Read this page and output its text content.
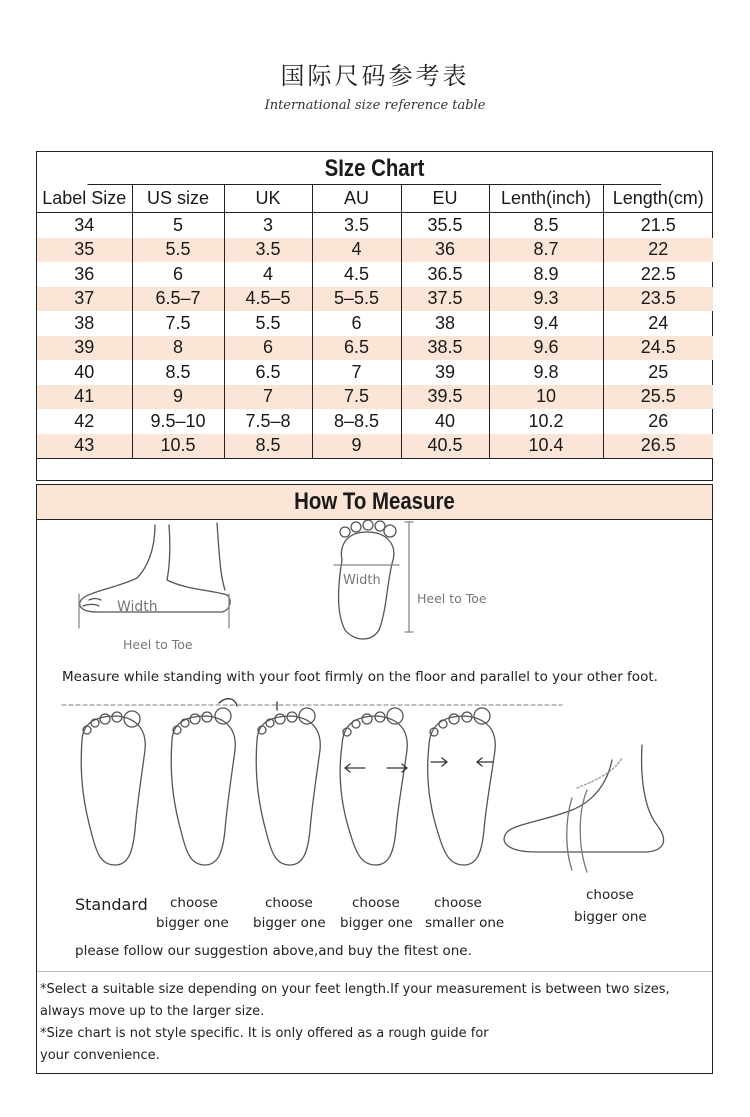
国际尺码参考表
International size reference table
SIze Chart
Label Size	US size	UK	AU	EU	Lenth(inch)	Length(cm)
34	5	3	3.5	35.5	8.5	21.5
35	5.5	3.5	4	36	8.7	22
36	6	4	4.5	36.5	8.9	22.5
37	6.5–7	4.5–5	5–5.5	37.5	9.3	23.5
38	7.5	5.5	6	38	9.4	24
39	8	6	6.5	38.5	9.6	24.5
40	8.5	6.5	7	39	9.8	25
41	9	7	7.5	39.5	10	25.5
42	9.5–10	7.5–8	8–8.5	40	10.2	26
43	10.5	8.5	9	40.5	10.4	26.5
How To Measure
Width
Heel to Toe
Width
Heel to Toe
Measure while standing with your foot firmly on the floor and parallel to your other foot.
Standard choose
bigger one
choose
bigger one
choose
bigger one
choose
smaller one
choose
bigger one
please follow our suggestion above,and buy the fitest one.
*Select a suitable size depending on your feet length.If your measurement is between two sizes,
always move up to the larger size.
*Size chart is not style specific. It is only offered as a rough guide for
your convenience.
